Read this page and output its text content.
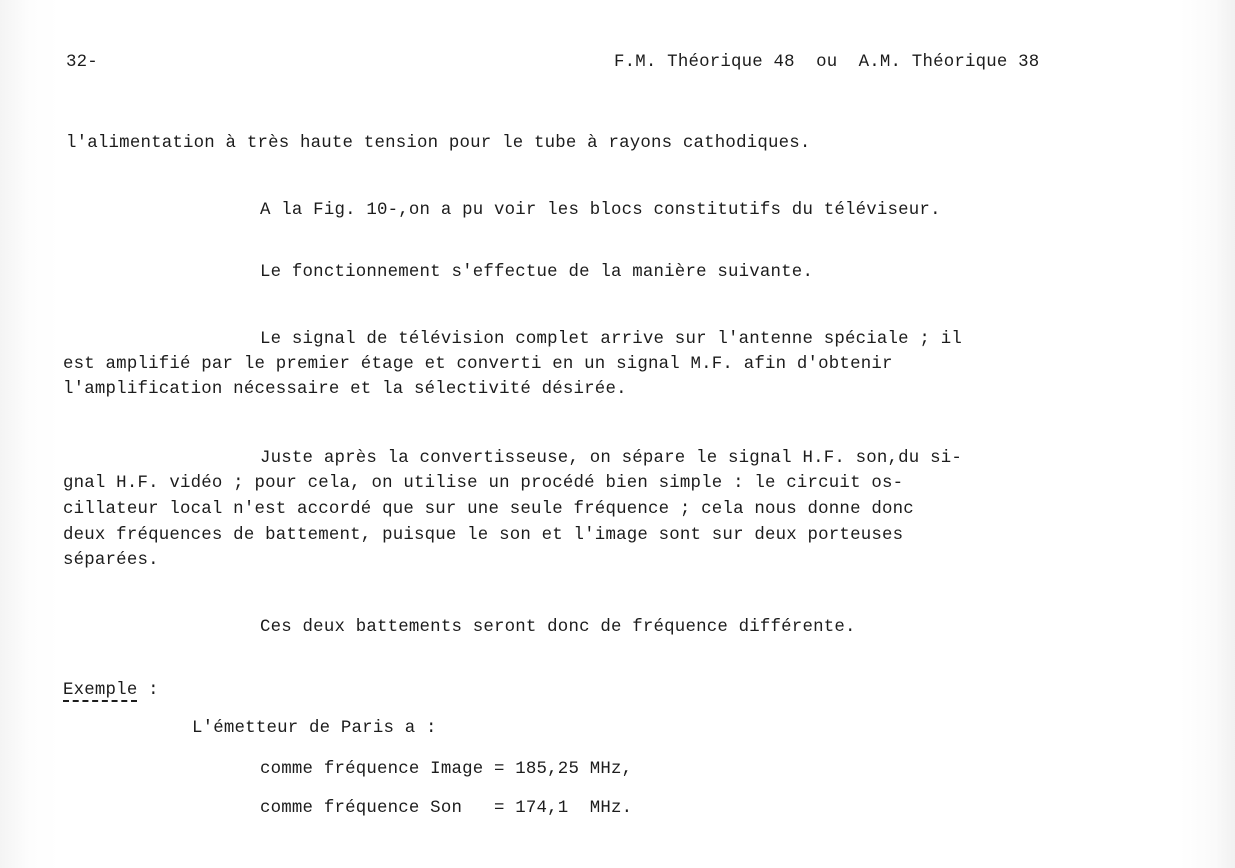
32-	F.M. Théorique 48  ou  A.M. Théorique 38
l'alimentation à très haute tension pour le tube à rayons cathodiques.
A la Fig. 10-,on a pu voir les blocs constitutifs du téléviseur.
Le fonctionnement s'effectue de la manière suivante.
Le signal de télévision complet arrive sur l'antenne spéciale ; il
est amplifié par le premier étage et converti en un signal M.F. afin d'obtenir
l'amplification nécessaire et la sélectivité désirée.
Juste après la convertisseuse, on sépare le signal H.F. son,du si-
gnal H.F. vidéo ; pour cela, on utilise un procédé bien simple : le circuit os-
cillateur local n'est accordé que sur une seule fréquence ; cela nous donne donc
deux fréquences de battement, puisque le son et l'image sont sur deux porteuses
séparées.
Ces deux battements seront donc de fréquence différente.
Exemple :
L'émetteur de Paris a :
comme fréquence Image = 185,25 MHz,
comme fréquence Son   = 174,1  MHz.
